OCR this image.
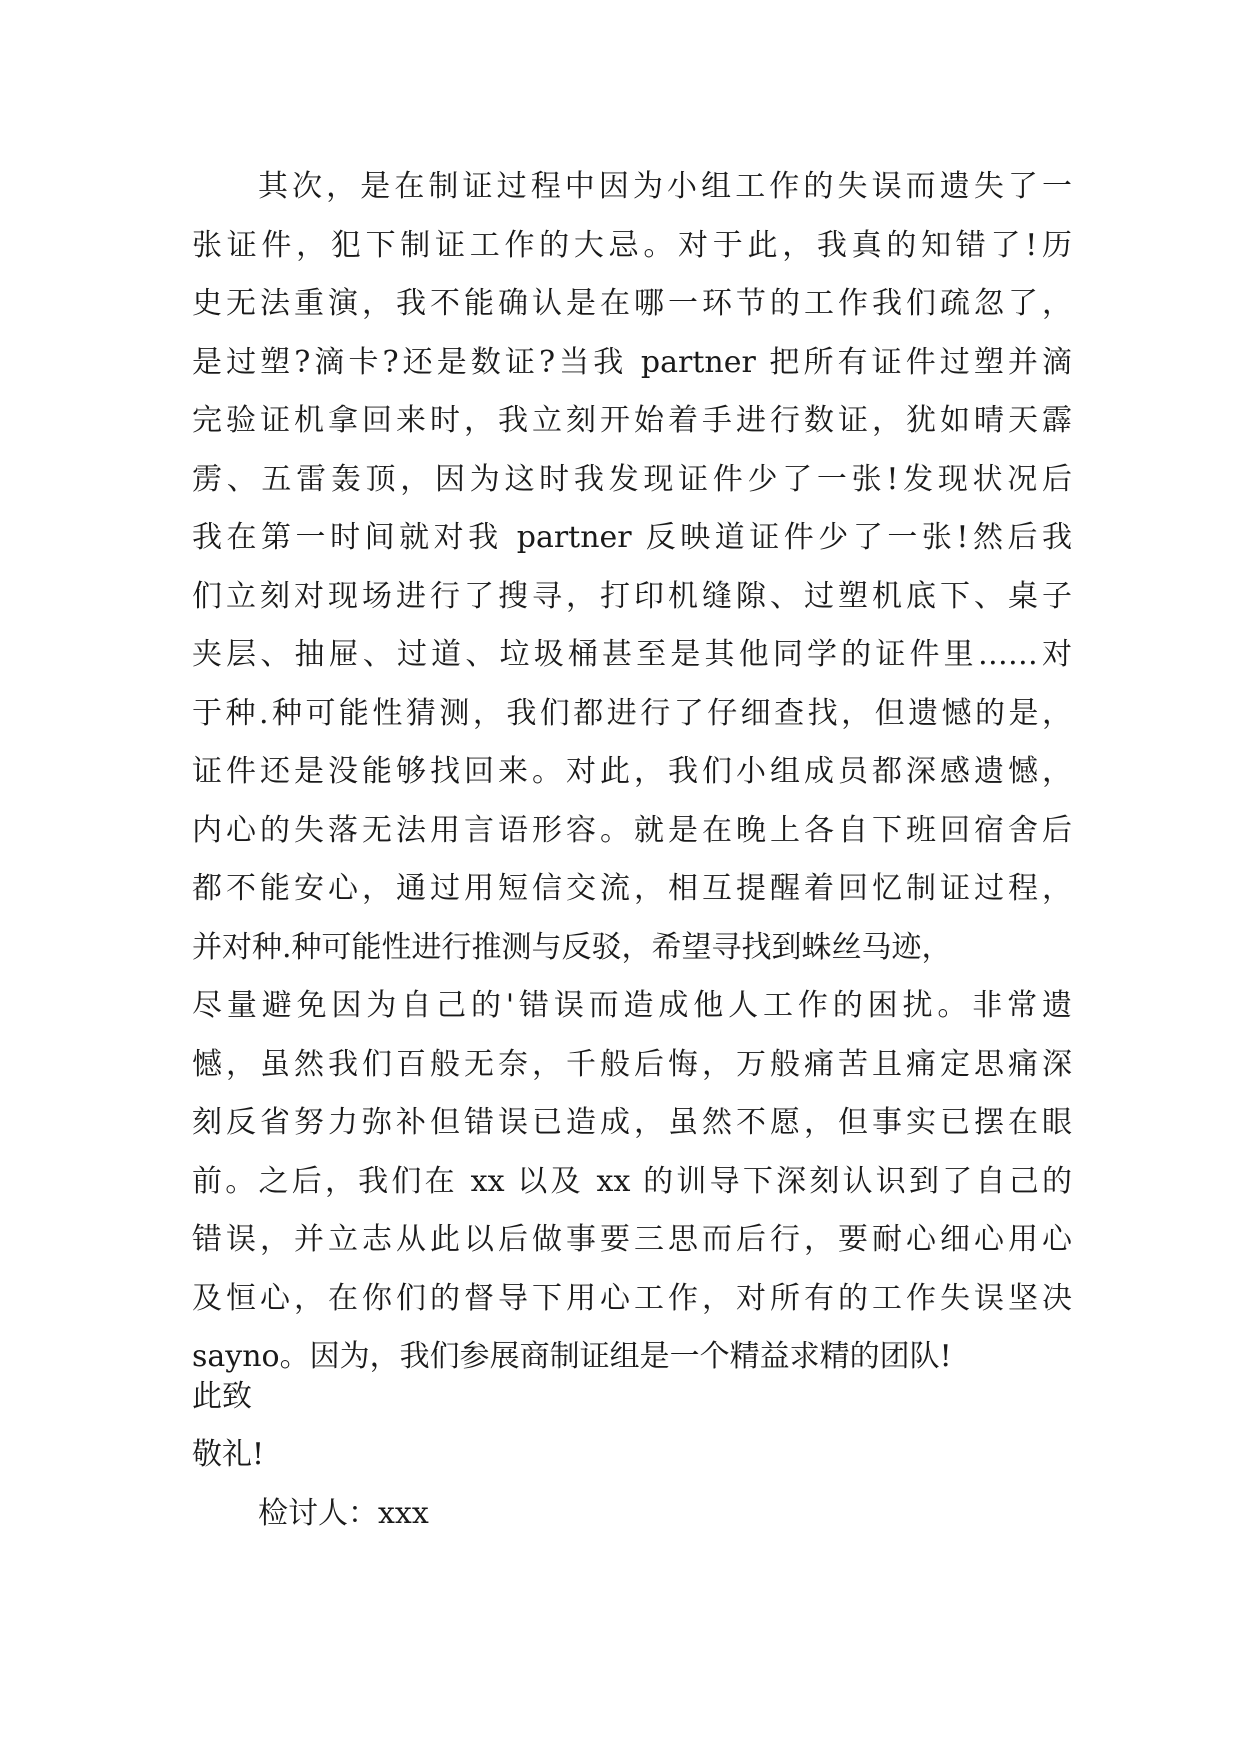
其次，是在制证过程中因为小组工作的失误而遗失了一
张证件，犯下制证工作的大忌。对于此，我真的知错了!历
史无法重演，我不能确认是在哪一环节的工作我们疏忽了，
是过塑?滴卡?还是数证?当我 partner 把所有证件过塑并滴
完验证机拿回来时，我立刻开始着手进行数证，犹如晴天霹
雳、五雷轰顶，因为这时我发现证件少了一张!发现状况后
我在第一时间就对我 partner 反映道证件少了一张!然后我
们立刻对现场进行了搜寻，打印机缝隙、过塑机底下、桌子
夹层、抽屉、过道、垃圾桶甚至是其他同学的证件里……对
于种.种可能性猜测，我们都进行了仔细查找，但遗憾的是，
证件还是没能够找回来。对此，我们小组成员都深感遗憾，
内心的失落无法用言语形容。就是在晚上各自下班回宿舍后
都不能安心，通过用短信交流，相互提醒着回忆制证过程，
并对种.种可能性进行推测与反驳，希望寻找到蛛丝马迹，
尽量避免因为自己的'错误而造成他人工作的困扰。非常遗
憾，虽然我们百般无奈，千般后悔，万般痛苦且痛定思痛深
刻反省努力弥补但错误已造成，虽然不愿，但事实已摆在眼
前。之后，我们在 xx 以及 xx 的训导下深刻认识到了自己的
错误，并立志从此以后做事要三思而后行，要耐心细心用心
及恒心，在你们的督导下用心工作，对所有的工作失误坚决
sayno。因为，我们参展商制证组是一个精益求精的团队!
此致
敬礼!
检讨人：xxx
